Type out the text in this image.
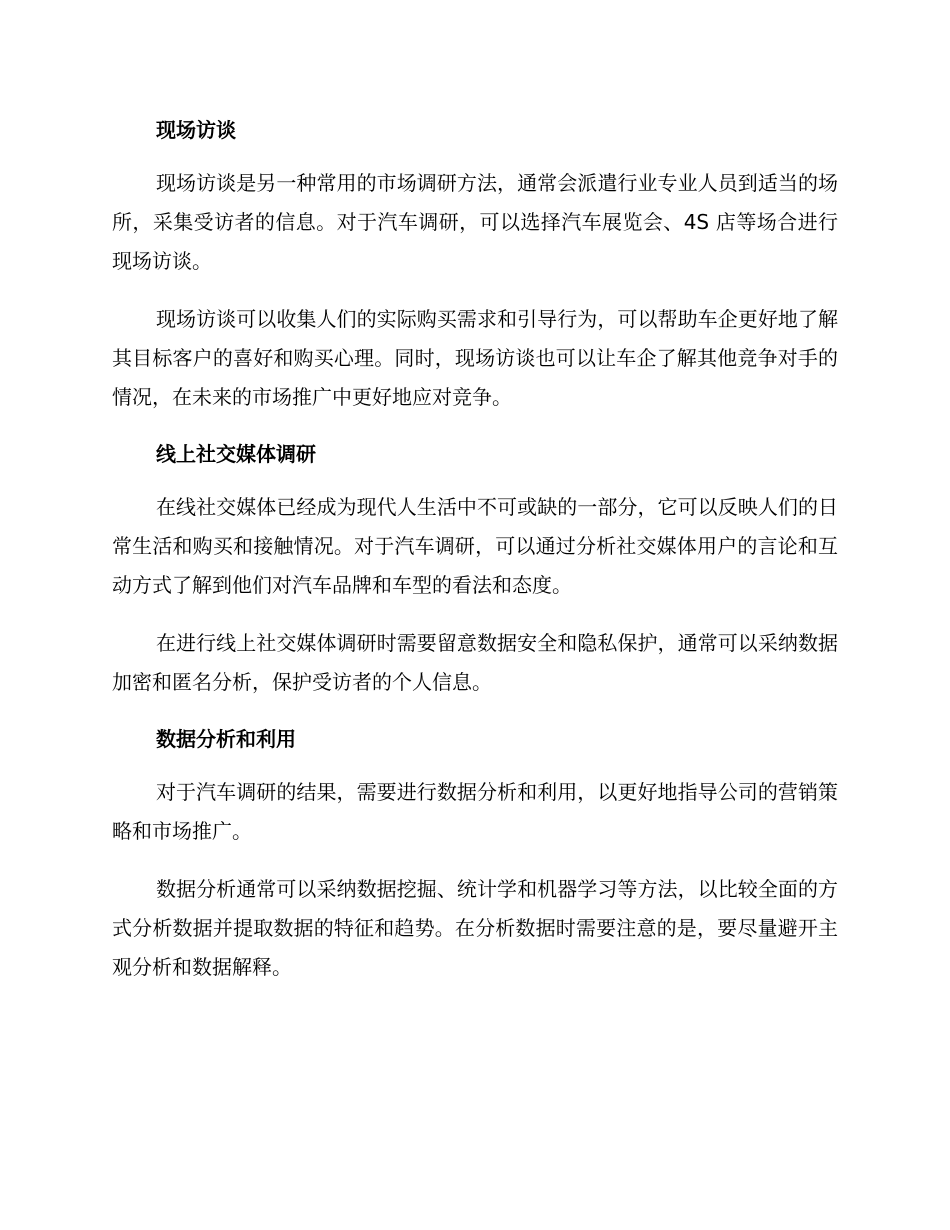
现场访谈

现场访谈是另一种常用的市场调研方法，通常会派遣行业专业人员到适当的场所，采集受访者的信息。对于汽车调研，可以选择汽车展览会、4S 店等场合进行现场访谈。

现场访谈可以收集人们的实际购买需求和引导行为，可以帮助车企更好地了解其目标客户的喜好和购买心理。同时，现场访谈也可以让车企了解其他竞争对手的情况，在未来的市场推广中更好地应对竞争。

线上社交媒体调研

在线社交媒体已经成为现代人生活中不可或缺的一部分，它可以反映人们的日常生活和购买和接触情况。对于汽车调研，可以通过分析社交媒体用户的言论和互动方式了解到他们对汽车品牌和车型的看法和态度。

在进行线上社交媒体调研时需要留意数据安全和隐私保护，通常可以采纳数据加密和匿名分析，保护受访者的个人信息。

数据分析和利用

对于汽车调研的结果，需要进行数据分析和利用，以更好地指导公司的营销策略和市场推广。

数据分析通常可以采纳数据挖掘、统计学和机器学习等方法，以比较全面的方式分析数据并提取数据的特征和趋势。在分析数据时需要注意的是，要尽量避开主观分析和数据解释。
